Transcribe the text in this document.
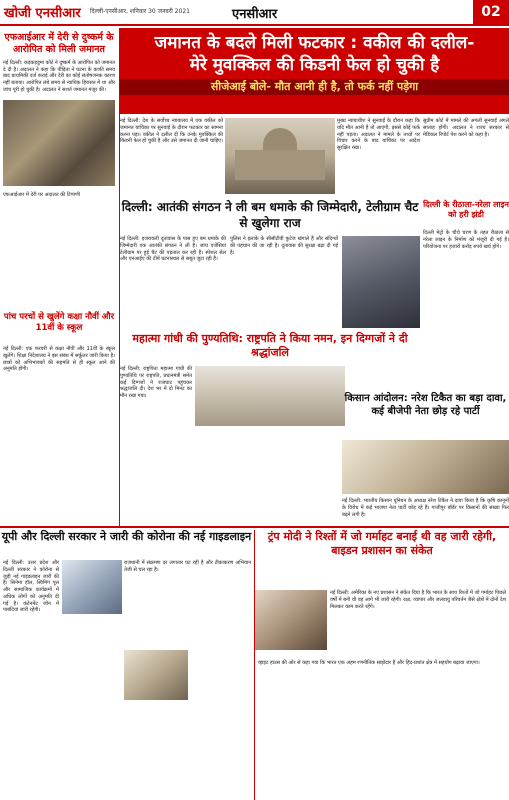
खोजी एनसीआर दिल्ली-एनसीआर, शनिवार 30 जनवरी 2021	एनसीआर	02
एफआईआर में देरी से दुष्कर्म के आरोपित को मिली जमानत
नई दिल्ली: कड़कड़डूमा कोर्ट ने दुष्कर्म के आरोपित को जमानत दे दी है। अदालत ने कहा कि पीड़िता ने घटना के काफी समय बाद प्राथमिकी दर्ज कराई और देरी का कोई संतोषजनक कारण नहीं बताया। आरोपित लंबे समय से न्यायिक हिरासत में था और जांच पूरी हो चुकी है। अदालत ने सशर्त जमानत मंजूर की।
एफआईआर में देरी पर अदालत की टिप्पणी
पांच परचों से खुलेंगे कक्षा नौवीं और 11वीं के स्कूल
नई दिल्ली: एक फरवरी से कक्षा नौवीं और 11वीं के स्कूल खुलेंगे। शिक्षा निदेशालय ने इस संबंध में सर्कुलर जारी किया है। छात्रों को अभिभावकों की सहमति से ही स्कूल आने की अनुमति होगी।
जमानत के बदले मिली फटकार : वकील की दलील-
मेरे मुवक्किल की किडनी फेल हो चुकी है
सीजेआई बोले- मौत आनी ही है, तो फर्क नहीं पड़ेगा
नई दिल्ली: देश के सर्वोच्च न्यायालय में एक वकील को जमानत याचिका पर सुनवाई के दौरान फटकार का सामना करना पड़ा। वकील ने दलील दी कि उनके मुवक्किल की किडनी फेल हो चुकी है और उसे जमानत दी जानी चाहिए।
मुख्य न्यायाधीश ने सुनवाई के दौरान कहा कि यदि मौत आनी है तो आएगी, इससे कोई फर्क नहीं पड़ता। अदालत ने मामले के तथ्यों पर विचार करने के बाद याचिका पर आदेश सुरक्षित रखा।
सुप्रीम कोर्ट में मामले की अगली सुनवाई अगले सप्ताह होगी। अदालत ने राज्य सरकार से मेडिकल रिपोर्ट पेश करने को कहा है।
दिल्ली: आतंकी संगठन ने ली बम धमाके की जिम्मेदारी, टेलीग्राम चैट से खुलेगा राज
नई दिल्ली: इजरायली दूतावास के पास हुए बम धमाके की जिम्मेदारी एक आतंकी संगठन ने ली है। जांच एजेंसियां टेलीग्राम पर हुई चैट की पड़ताल कर रही हैं। स्पेशल सेल और एनआईए की टीमें घटनास्थल से सबूत जुटा रही हैं।
पुलिस ने इलाके के सीसीटीवी फुटेज खंगाले हैं और संदिग्धों की पहचान की जा रही है। दूतावास की सुरक्षा बढ़ा दी गई है।
महात्मा गांधी की पुण्यतिथि: राष्ट्रपति ने किया नमन, इन दिग्गजों ने दी श्रद्धांजलि
नई दिल्ली: राष्ट्रपिता महात्मा गांधी की पुण्यतिथि पर राष्ट्रपति, प्रधानमंत्री समेत कई दिग्गजों ने राजघाट पहुंचकर श्रद्धांजलि दी। देश भर में दो मिनट का मौन रखा गया।
दिल्ली के रीठाला-नरेला लाइन को हरी झंडी
दिल्ली मेट्रो के चौथे चरण के तहत रीठाला से नरेला लाइन के निर्माण को मंजूरी दी गई है। परियोजना पर हजारों करोड़ रुपये खर्च होंगे।
किसान आंदोलन: नरेश टिकैत का बड़ा दावा, कई बीजेपी नेता छोड़ रहे पार्टी
नई दिल्ली: भारतीय किसान यूनियन के अध्यक्ष नरेश टिकैत ने दावा किया है कि कृषि कानूनों के विरोध में कई भाजपा नेता पार्टी छोड़ रहे हैं। गाजीपुर बॉर्डर पर किसानों की संख्या फिर बढ़ने लगी है।
यूपी और दिल्ली सरकार ने जारी की कोरोना की नई गाइडलाइन
नई दिल्ली: उत्तर प्रदेश और दिल्ली सरकार ने कोरोना से जुड़ी नई गाइडलाइन जारी की है। सिनेमा हॉल, स्विमिंग पूल और सामाजिक कार्यक्रमों में अधिक लोगों को अनुमति दी गई है। कंटेनमेंट जोन में पाबंदियां जारी रहेंगी।
राजधानी में संक्रमण दर लगातार घट रही है और टीकाकरण अभियान तेजी से चल रहा है।
ट्रंप मोदी ने रिश्तों में जो गर्माहट बनाई थी वह जारी रहेगी, बाइडन प्रशासन का संकेत
नई दिल्ली: अमेरिका के नए प्रशासन ने संकेत दिया है कि भारत के साथ रिश्तों में जो गर्माहट पिछले वर्षों में बनी थी वह आगे भी जारी रहेगी। रक्षा, व्यापार और जलवायु परिवर्तन जैसे क्षेत्रों में दोनों देश मिलकर काम करते रहेंगे।
व्हाइट हाउस की ओर से कहा गया कि भारत एक अहम रणनीतिक साझेदार है और हिंद-प्रशांत क्षेत्र में सहयोग बढ़ाया जाएगा।
